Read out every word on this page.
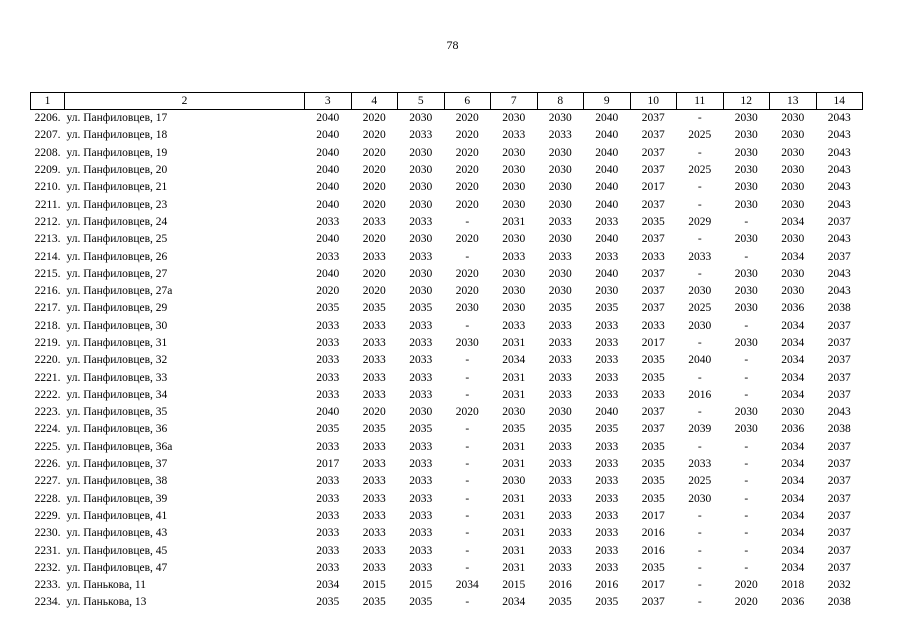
78
1	2	3	4	5	6	7	8	9	10	11	12	13	14
2206.	ул. Панфиловцев, 17	2040	2020	2030	2020	2030	2030	2040	2037	-	2030	2030	2043
2207.	ул. Панфиловцев, 18	2040	2020	2033	2020	2033	2033	2040	2037	2025	2030	2030	2043
2208.	ул. Панфиловцев, 19	2040	2020	2030	2020	2030	2030	2040	2037	-	2030	2030	2043
2209.	ул. Панфиловцев, 20	2040	2020	2030	2020	2030	2030	2040	2037	2025	2030	2030	2043
2210.	ул. Панфиловцев, 21	2040	2020	2030	2020	2030	2030	2040	2017	-	2030	2030	2043
2211.	ул. Панфиловцев, 23	2040	2020	2030	2020	2030	2030	2040	2037	-	2030	2030	2043
2212.	ул. Панфиловцев, 24	2033	2033	2033	-	2031	2033	2033	2035	2029	-	2034	2037
2213.	ул. Панфиловцев, 25	2040	2020	2030	2020	2030	2030	2040	2037	-	2030	2030	2043
2214.	ул. Панфиловцев, 26	2033	2033	2033	-	2033	2033	2033	2033	2033	-	2034	2037
2215.	ул. Панфиловцев, 27	2040	2020	2030	2020	2030	2030	2040	2037	-	2030	2030	2043
2216.	ул. Панфиловцев, 27а	2020	2020	2030	2020	2030	2030	2030	2037	2030	2030	2030	2043
2217.	ул. Панфиловцев, 29	2035	2035	2035	2030	2030	2035	2035	2037	2025	2030	2036	2038
2218.	ул. Панфиловцев, 30	2033	2033	2033	-	2033	2033	2033	2033	2030	-	2034	2037
2219.	ул. Панфиловцев, 31	2033	2033	2033	2030	2031	2033	2033	2017	-	2030	2034	2037
2220.	ул. Панфиловцев, 32	2033	2033	2033	-	2034	2033	2033	2035	2040	-	2034	2037
2221.	ул. Панфиловцев, 33	2033	2033	2033	-	2031	2033	2033	2035	-	-	2034	2037
2222.	ул. Панфиловцев, 34	2033	2033	2033	-	2031	2033	2033	2033	2016	-	2034	2037
2223.	ул. Панфиловцев, 35	2040	2020	2030	2020	2030	2030	2040	2037	-	2030	2030	2043
2224.	ул. Панфиловцев, 36	2035	2035	2035	-	2035	2035	2035	2037	2039	2030	2036	2038
2225.	ул. Панфиловцев, 36а	2033	2033	2033	-	2031	2033	2033	2035	-	-	2034	2037
2226.	ул. Панфиловцев, 37	2017	2033	2033	-	2031	2033	2033	2035	2033	-	2034	2037
2227.	ул. Панфиловцев, 38	2033	2033	2033	-	2030	2033	2033	2035	2025	-	2034	2037
2228.	ул. Панфиловцев, 39	2033	2033	2033	-	2031	2033	2033	2035	2030	-	2034	2037
2229.	ул. Панфиловцев, 41	2033	2033	2033	-	2031	2033	2033	2017	-	-	2034	2037
2230.	ул. Панфиловцев, 43	2033	2033	2033	-	2031	2033	2033	2016	-	-	2034	2037
2231.	ул. Панфиловцев, 45	2033	2033	2033	-	2031	2033	2033	2016	-	-	2034	2037
2232.	ул. Панфиловцев, 47	2033	2033	2033	-	2031	2033	2033	2035	-	-	2034	2037
2233.	ул. Панькова, 11	2034	2015	2015	2034	2015	2016	2016	2017	-	2020	2018	2032
2234.	ул. Панькова, 13	2035	2035	2035	-	2034	2035	2035	2037	-	2020	2036	2038
